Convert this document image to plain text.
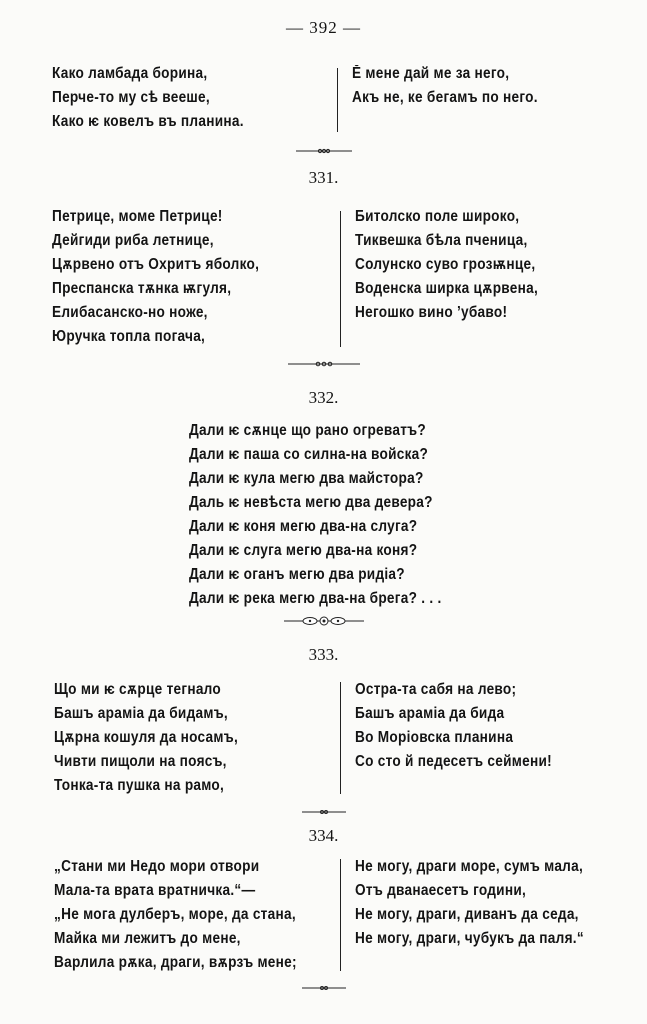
— 392 —
Како ламбада борина,
Перче-то му сѣ вееше,
Како ѥ ковелъ въ планина.
Ӗ мене дай ме за него,
Акъ не, ке бегамъ по него.
331.
Петрице, моме Петрице!
Дейгиди риба летнице,
Цѫрвено отъ Охритъ яболко,
Преспанска тѫнка ѭгуля,
Елибасанско-но ноже,
Юручка топла погача,
Битолско поле широко,
Тиквешка бѣла пченица,
Солунско суво грозѭнце,
Воденска ширка цѫрвена,
Негошко вино ’убаво!
332.
Дали ѥ сѫнце що рано огреватъ?
Дали ѥ паша со силна-на войска?
Дали ѥ кула мегю два майстора?
Даль ѥ невѣста мегю два девера?
Дали ѥ коня мегю два-на слуга?
Дали ѥ слуга мегю два-на коня?
Дали ѥ оганъ мегю два ридia?
Дали ѥ река мегю два-на брега? . . .
333.
Що ми ѥ сѫрце тегнало
Башъ арамia да бидамъ,
Цѫрна кошуля да носамъ,
Чивти пищоли на поясъ,
Тонка-та пушка на рамо,
Остра-та сабя на лево;
Башъ арамia да бида
Во Морiовска планина
Со сто й педесетъ сеймени!
334.
„Стани ми Недо мори отвори
Мала-та врата вратничка.“—
„Не мога дулберъ, море, да стана,
Майка ми лежитъ до мене,
Варлила рѫка, драги, вѫрзъ мене;
Не могу, драги море, сумъ мала,
Отъ дванаесетъ години,
Не могу, драги, диванъ да седа,
Не могу, драги, чубукъ да паля.“
